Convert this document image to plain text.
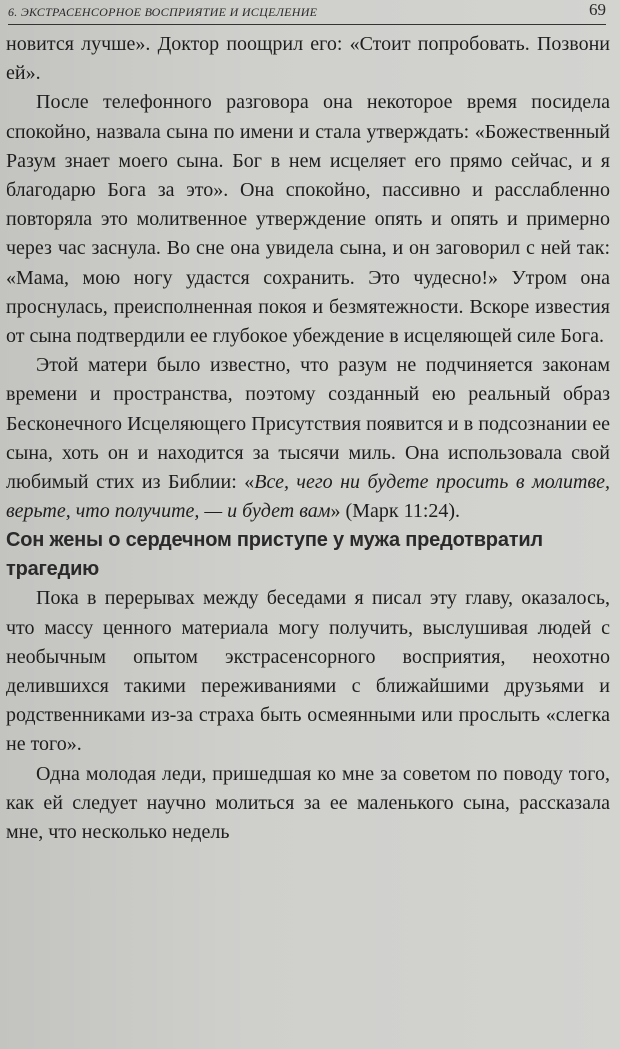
6. ЭКСТРАСЕНСОРНОЕ ВОСПРИЯТИЕ И ИСЦЕЛЕНИЕ	69

новится лучше». Доктор поощрил его: «Стоит попробовать. Позвони ей».

После телефонного разговора она некоторое время посидела спокойно, назвала сына по имени и стала утверждать: «Божественный Разум знает моего сына. Бог в нем исцеляет его прямо сейчас, и я благодарю Бога за это». Она спокойно, пассивно и расслабленно повторяла это молитвенное утверждение опять и опять и примерно через час заснула. Во сне она увидела сына, и он заговорил с ней так: «Мама, мою ногу удастся сохранить. Это чудесно!» Утром она проснулась, преисполненная покоя и безмятежности. Вскоре известия от сына подтвердили ее глубокое убеждение в исцеляющей силе Бога.

Этой матери было известно, что разум не подчиняется законам времени и пространства, поэтому созданный ею реальный образ Бесконечного Исцеляющего Присутствия появится и в подсознании ее сына, хоть он и находится за тысячи миль. Она использовала свой любимый стих из Библии: «Все, чего ни будете просить в молитве, верьте, что получите, — и будет вам» (Марк 11:24).

Сон жены о сердечном приступе у мужа предотвратил трагедию

Пока в перерывах между беседами я писал эту главу, оказалось, что массу ценного материала могу получить, выслушивая людей с необычным опытом экстрасенсорного восприятия, неохотно делившихся такими переживаниями с ближайшими друзьями и родственниками из-за страха быть осмеянными или прослыть «слегка не того».

Одна молодая леди, пришедшая ко мне за советом по поводу того, как ей следует научно молиться за ее маленького сына, рассказала мне, что несколько недель
